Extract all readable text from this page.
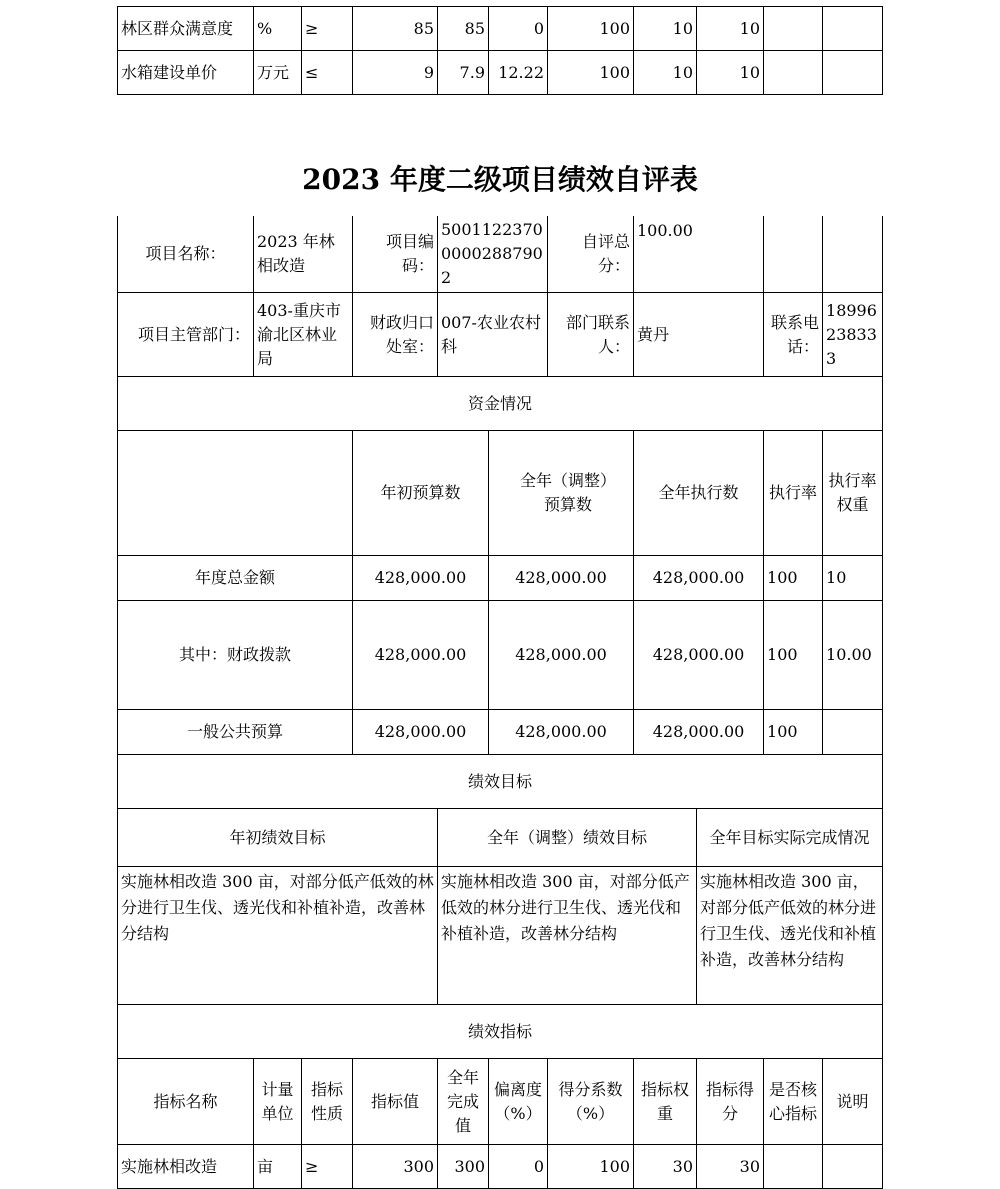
林区群众满意度	%	≥	85	85	0	100	10	10		
水箱建设单价	万元	≤	9	7.9	12.22	100	10	10		
2023 年度二级项目绩效自评表
项目名称：	2023 年林相改造		项目编码：	500112237000002887902		自评总分：	100.00				
项目主管部门：	403-重庆市渝北区林业局		财政归口处室：	007-农业农村科		部门联系人：	黄丹		联系电话：	18996238333	
资金情况											
			年初预算数		全年（调整）预算数		全年执行数		执行率	执行率权重	
年度总金额			428,000.00		428,000.00		428,000.00		100	10	
其中：财政拨款			428,000.00		428,000.00		428,000.00		100	10.00	
一般公共预算			428,000.00		428,000.00		428,000.00		100		
绩效目标											
年初绩效目标				全年（调整）绩效目标				全年目标实际完成情况			
实施林相改造 300 亩，对部分低产低效的林分进行卫生伐、透光伐和补植补造，改善林分结构				实施林相改造 300 亩，对部分低产低效的林分进行卫生伐、透光伐和补植补造，改善林分结构				实施林相改造 300 亩，对部分低产低效的林分进行卫生伐、透光伐和补植补造，改善林分结构			
绩效指标											
指标名称	计量单位	指标性质	指标值	全年完成值	偏离度（%）	得分系数（%）	指标权重	指标得分	是否核心指标	说明	
实施林相改造	亩	≥	300	300	0	100	30	30			
